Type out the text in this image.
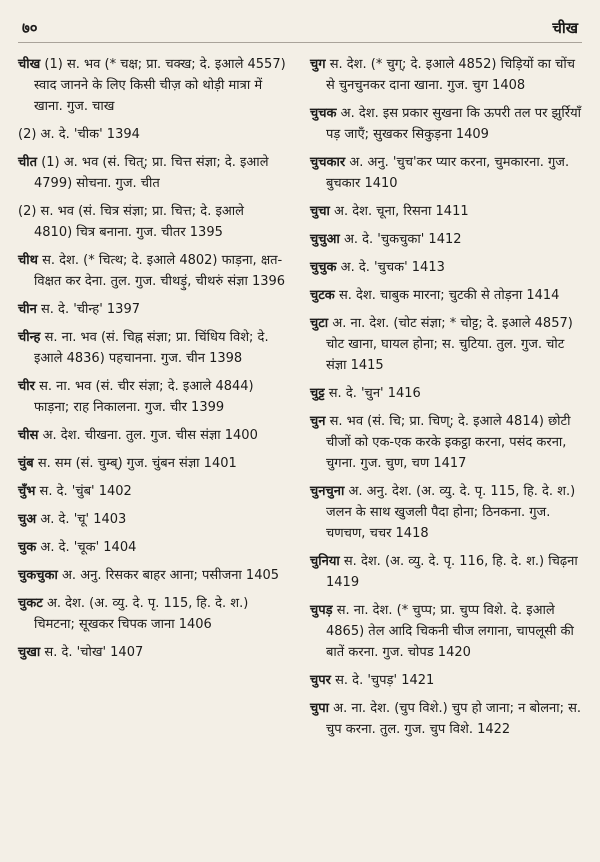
७०	चीख
चीख (1) स. भव (* चक्ष; प्रा. चक्ख; दे. इआले 4557) स्वाद जानने के लिए किसी चीज़ को थोड़ी मात्रा में खाना. गुज. चाख
(2) अ. दे. 'चीक' 1394
चीत (1) अ. भव (सं. चित्; प्रा. चित्त संज्ञा; दे. इआले 4799) सोचना. गुज. चीत
(2) स. भव (सं. चित्र संज्ञा; प्रा. चित्त; दे. इआले 4810) चित्र बनाना. गुज. चीतर 1395
चीथ स. देश. (* चित्थ; दे. इआले 4802) फाड़ना, क्षत-विक्षत कर देना. तुल. गुज. चीथड़ुं, चीथरुं संज्ञा 1396
चीन स. दे. 'चीन्ह' 1397
चीन्ह स. ना. भव (सं. चिह्न संज्ञा; प्रा. चिंधिय विशे; दे. इआले 4836) पहचानना. गुज. चीन 1398
चीर स. ना. भव (सं. चीर संज्ञा; दे. इआले 4844) फाड़ना; राह निकालना. गुज. चीर 1399
चीस अ. देश. चीखना. तुल. गुज. चीस संज्ञा 1400
चुंब स. सम (सं. चुम्ब्) गुज. चुंबन संज्ञा 1401
चुँभ स. दे. 'चुंब' 1402
चुअ अ. दे. 'चू' 1403
चुक अ. दे. 'चूक' 1404
चुकचुका अ. अनु. रिसकर बाहर आना; पसीजना 1405
चुकट अ. देश. (अ. व्यु. दे. पृ. 115, हि. दे. श.) चिमटना; सूखकर चिपक जाना 1406
चुखा स. दे. 'चोख' 1407
चुग स. देश. (* चुग्; दे. इआले 4852) चिड़ियों का चोंच से चुनचुनकर दाना खाना. गुज. चुग 1408
चुचक अ. देश. इस प्रकार सुखना कि ऊपरी तल पर झुर्रियाँ पड़ जाएँ; सुखकर सिकुड़ना 1409
चुचकार अ. अनु. 'चुच'कर प्यार करना, चुमकारना. गुज. बुचकार 1410
चुचा अ. देश. चूना, रिसना 1411
चुचुआ अ. दे. 'चुकचुका' 1412
चुचुक अ. दे. 'चुचक' 1413
चुटक स. देश. चाबुक मारना; चुटकी से तोड़ना 1414
चुटा अ. ना. देश. (चोट संज्ञा; * चोट्ट; दे. इआले 4857) चोट खाना, घायल होना; स. चुटिया. तुल. गुज. चोट संज्ञा 1415
चुट्ट स. दे. 'चुन' 1416
चुन स. भव (सं. चि; प्रा. चिण्; दे. इआले 4814) छोटी चीजों को एक-एक करके इकट्ठा करना, पसंद करना, चुगना. गुज. चुण, चण 1417
चुनचुना अ. अनु. देश. (अ. व्यु. दे. पृ. 115, हि. दे. श.) जलन के साथ खुजली पैदा होना; ठिनकना. गुज. चणचण, चचर 1418
चुनिया स. देश. (अ. व्यु. दे. पृ. 116, हि. दे. श.) चिढ़ना 1419
चुपड़ स. ना. देश. (* चुप्प; प्रा. चुप्प विशे. दे. इआले 4865) तेल आदि चिकनी चीज लगाना, चापलूसी की बातें करना. गुज. चोपड 1420
चुपर स. दे. 'चुपड़' 1421
चुपा अ. ना. देश. (चुप विशे.) चुप हो जाना; न बोलना; स. चुप करना. तुल. गुज. चुप विशे. 1422
